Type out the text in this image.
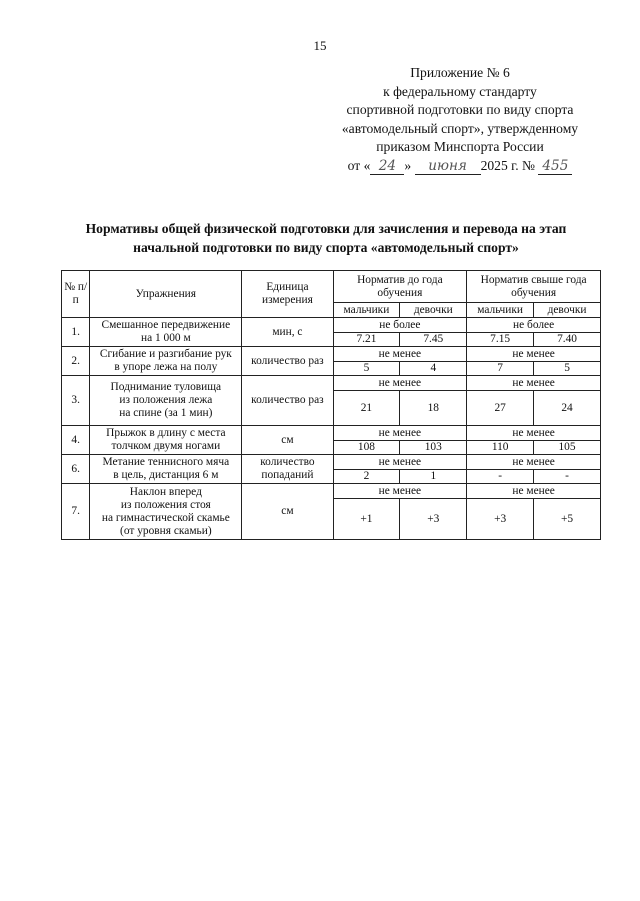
15
Приложение № 6
к федеральному стандарту
спортивной подготовки по виду спорта
«автомодельный спорт», утвержденному
приказом Минспорта России
от « 24 » июня 2025 г. № 455
Нормативы общей физической подготовки для зачисления и перевода на этап
начальной подготовки по виду спорта «автомодельный спорт»
№ п/п	Упражнения	Единица измерения	Норматив до года обучения		Норматив свыше года обучения	
			мальчики	девочки	мальчики	девочки
1.	Смешанное передвижение
на 1 000 м	мин, с	не более		не более	
			7.21	7.45	7.15	7.40
2.	Сгибание и разгибание рук
в упоре лежа на полу	количество раз	не менее		не менее	
			5	4	7	5
3.	Поднимание туловища
из положения лежа
на спине (за 1 мин)	количество раз	не менее		не менее	
			21	18	27	24
4.	Прыжок в длину с места
толчком двумя ногами	см	не менее		не менее	
			108	103	110	105
6.	Метание теннисного мяча
в цель, дистанция 6 м	количество попаданий	не менее		не менее	
			2	1	-	-
7.	Наклон вперед
из положения стоя
на гимнастической скамье
(от уровня скамьи)	см	не менее		не менее	
			+1	+3	+3	+5
